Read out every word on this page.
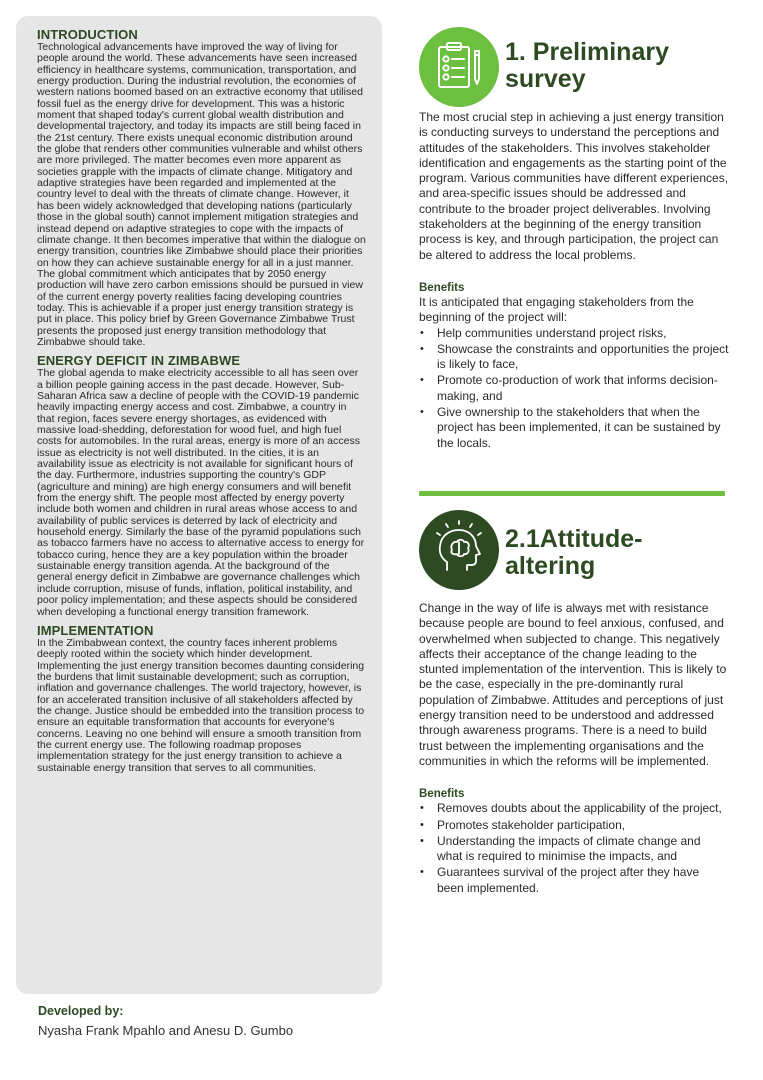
INTRODUCTION

Technological advancements have improved the way of living for people around the world. These advancements have seen increased efficiency in healthcare systems, communication, transportation, and energy production. During the industrial revolution, the economies of western nations boomed based on an extractive economy that utilised fossil fuel as the energy drive for development. This was a historic moment that shaped today's current global wealth distribution and developmental trajectory, and today its impacts are still being faced in the 21st century. There exists unequal economic distribution around the globe that renders other communities vulnerable and whilst others are more privileged. The matter becomes even more apparent as societies grapple with the impacts of climate change. Mitigatory and adaptive strategies have been regarded and implemented at the country level to deal with the threats of climate change. However, it has been widely acknowledged that developing nations (particularly those in the global south) cannot implement mitigation strategies and instead depend on adaptive strategies to cope with the impacts of climate change. It then becomes imperative that within the dialogue on energy transition, countries like Zimbabwe should place their priorities on how they can achieve sustainable energy for all in a just manner. The global commitment which anticipates that by 2050 energy production will have zero carbon emissions should be pursued in view of the current energy poverty realities facing developing countries today. This is achievable if a proper just energy transition strategy is put in place. This policy brief by Green Governance Zimbabwe Trust presents the proposed just energy transition methodology that Zimbabwe should take.

ENERGY DEFICIT IN ZIMBABWE

The global agenda to make electricity accessible to all has seen over a billion people gaining access in the past decade. However, Sub-Saharan Africa saw a decline of people with the COVID-19 pandemic heavily impacting energy access and cost. Zimbabwe, a country in that region, faces severe energy shortages, as evidenced with massive load-shedding, deforestation for wood fuel, and high fuel costs for automobiles. In the rural areas, energy is more of an access issue as electricity is not well distributed. In the cities, it is an availability issue as electricity is not available for significant hours of the day. Furthermore, industries supporting the country's GDP (agriculture and mining) are high energy consumers and will benefit from the energy shift. The people most affected by energy poverty include both women and children in rural areas whose access to and availability of public services is deterred by lack of electricity and household energy. Similarly the base of the pyramid populations such as tobacco farmers have no access to alternative access to energy for tobacco curing, hence they are a key population within the broader sustainable energy transition agenda. At the background of the general energy deficit in Zimbabwe are governance challenges which include corruption, misuse of funds, inflation, political instability, and poor policy implementation; and these aspects should be considered when developing a functional energy transition framework.

IMPLEMENTATION

In the Zimbabwean context, the country faces inherent problems deeply rooted within the society which hinder development. Implementing the just energy transition becomes daunting considering the burdens that limit sustainable development; such as corruption, inflation and governance challenges. The world trajectory, however, is for an accelerated transition inclusive of all stakeholders affected by the change. Justice should be embedded into the transition process to ensure an equitable transformation that accounts for everyone's concerns. Leaving no one behind will ensure a smooth transition from the current energy use. The following roadmap proposes implementation strategy for the just energy transition to achieve a sustainable energy transition that serves to all communities.

Developed by:
Nyasha Frank Mpahlo and Anesu D. Gumbo
1. Preliminary
survey

The most crucial step in achieving a just energy transition is conducting surveys to understand the perceptions and attitudes of the stakeholders. This involves stakeholder identification and engagements as the starting point of the program. Various communities have different experiences, and area-specific issues should be addressed and contribute to the broader project deliverables. Involving stakeholders at the beginning of the energy transition process is key, and through participation, the project can be altered to address the local problems.

Benefits

It is anticipated that engaging stakeholders from the beginning of the project will:

• Help communities understand project risks,
• Showcase the constraints and opportunities the project is likely to face,
• Promote co-production of work that informs decision-making, and
• Give ownership to the stakeholders that when the project has been implemented, it can be sustained by the locals.
2.1Attitude-
altering

Change in the way of life is always met with resistance because people are bound to feel anxious, confused, and overwhelmed when subjected to change. This negatively affects their acceptance of the change leading to the stunted implementation of the intervention. This is likely to be the case, especially in the pre-dominantly rural population of Zimbabwe. Attitudes and perceptions of just energy transition need to be understood and addressed through awareness programs. There is a need to build trust between the implementing organisations and the communities in which the reforms will be implemented.

Benefits

• Removes doubts about the applicability of the project,
• Promotes stakeholder participation,
• Understanding the impacts of climate change and what is required to minimise the impacts, and
• Guarantees survival of the project after they have been implemented.
